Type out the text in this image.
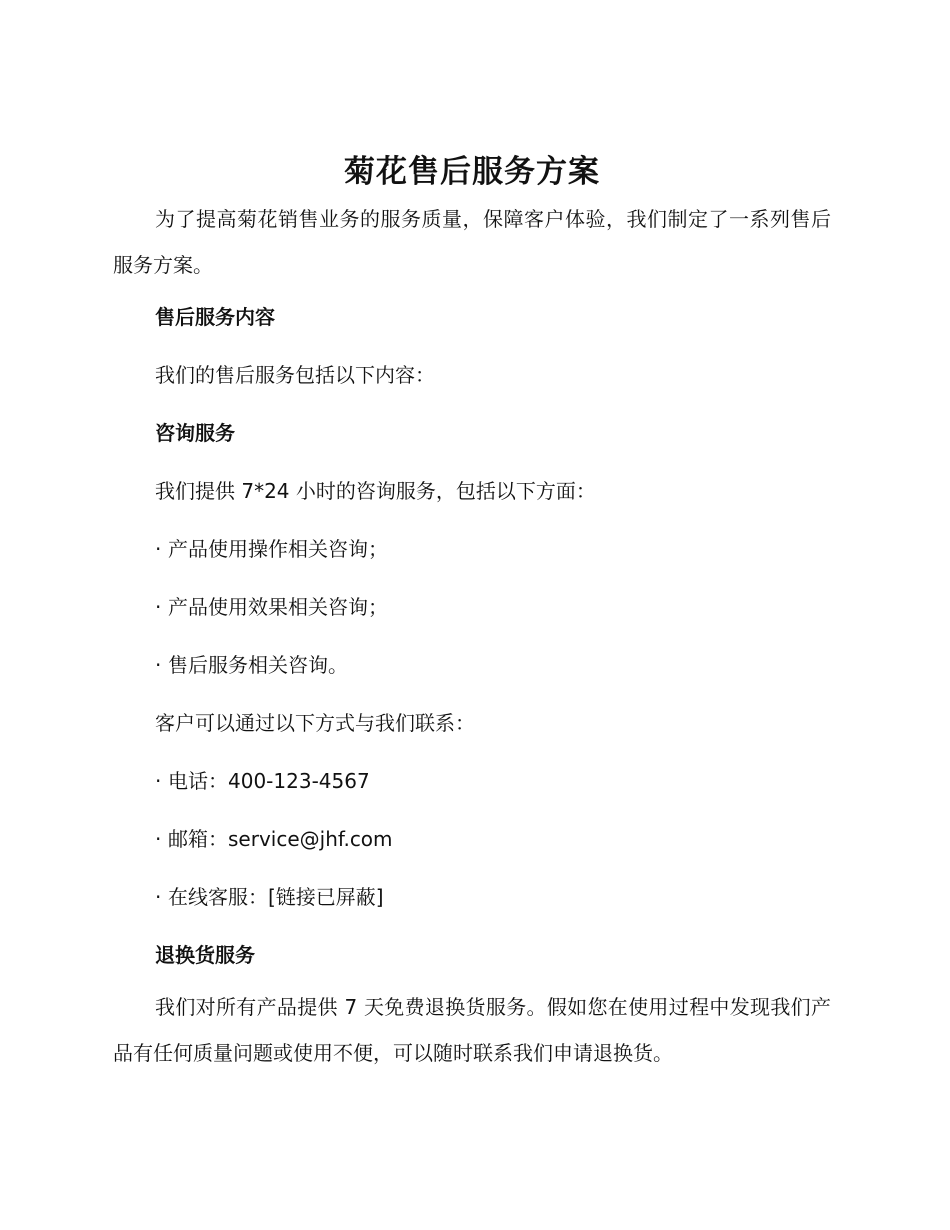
菊花售后服务方案

为了提高菊花销售业务的服务质量，保障客户体验，我们制定了一系列售后服务方案。

售后服务内容

我们的售后服务包括以下内容：

咨询服务

我们提供 7*24 小时的咨询服务，包括以下方面：

· 产品使用操作相关咨询；

· 产品使用效果相关咨询；

· 售后服务相关咨询。

客户可以通过以下方式与我们联系：

· 电话：400-123-4567

· 邮箱：service@jhf.com

· 在线客服：[链接已屏蔽]

退换货服务

我们对所有产品提供 7 天免费退换货服务。假如您在使用过程中发现我们产品有任何质量问题或使用不便，可以随时联系我们申请退换货。
